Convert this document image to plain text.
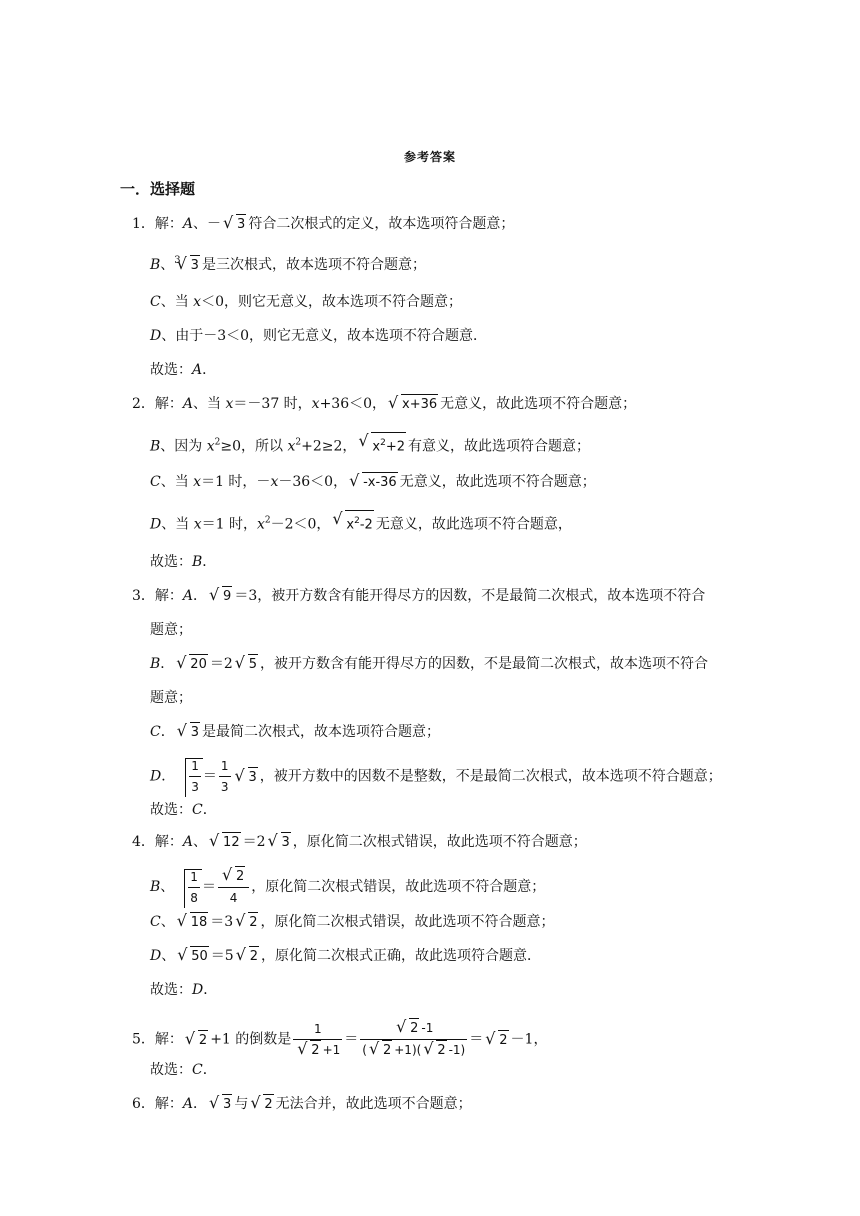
参考答案
一．选择题
1．解：A、－ √ 3 符合二次根式的定义，故本选项符合题意；
B、$^3$ √ 3 是三次根式，故本选项不符合题意；
C、当 x＜0，则它无意义，故本选项不符合题意；
D、由于－3＜0，则它无意义，故本选项不符合题意．
故选：A．
2．解：A、当 x＝－37 时，x+36＜0， √ x+36 无意义，故此选项不符合题意；
B、因为 $x^2\ge 0$，所以 $x^2+2\ge 2$， √ $x^2+2$ 有意义，故此选项符合题意；
C、当 x＝1 时，－x－36＜0， √ -x-36 无意义，故此选项不符合题意；
D、当 x＝1 时，$x^2-2<0$， √ $x^2-2$ 无意义，故此选项不符合题意，
故选：B．
3．解：A． √ 9 ＝3，被开方数含有能开得尽方的因数，不是最简二次根式，故本选项不符合
题意；
B． √ 20 ＝2 √ 5 ，被开方数含有能开得尽方的因数，不是最简二次根式，故本选项不符合
题意；
C． √ 3 是最简二次根式，故本选项符合题意；
D． $\frac{1}{3} = \frac{1}{3}$ √ 3 ，被开方数中的因数不是整数，不是最简二次根式，故本选项不符合题意；
故选：C．
4．解：A、 √ 12 ＝2 √ 3 ，原化简二次根式错误，故此选项不符合题意；
B、 $\frac{1}{8}$ ＝ √ $\frac{2}{4}$ ，原化简二次根式错误，故此选项不符合题意；
C、 √ 18 ＝3 √ 2 ，原化简二次根式错误，故此选项不符合题意；
D、 √ 50 ＝5 √ 2 ，原化简二次根式正确，故此选项符合题意．
故选：D．
5．解： √ 2 +1 的倒数是 1
√ 2 +1 ＝ √ $\frac{2 -1}{( √ 2 +1)( √ 2 -1)}$ ＝ √ 2 －1，
故选：C．
6．解：A． √ 3 与 √ 2 无法合并，故此选项不合题意；
